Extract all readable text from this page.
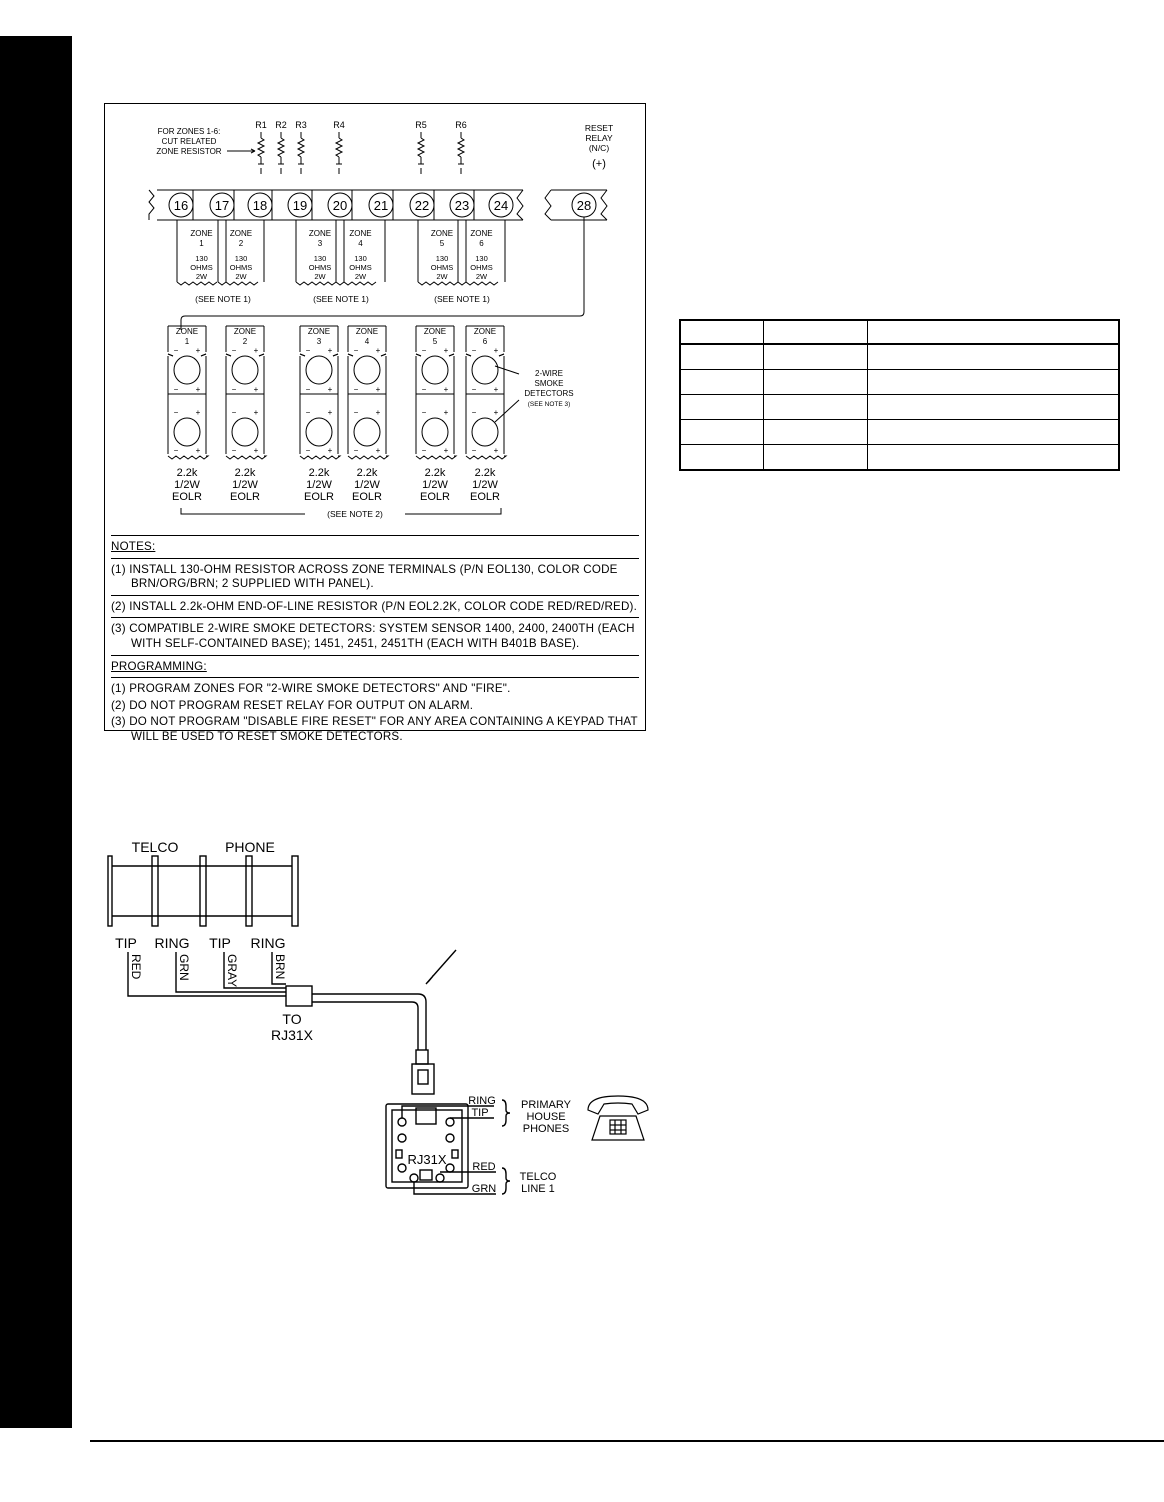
R1 R2 R3	R4	R5	R6
FOR ZONES 1-6:
CUT RELATED
ZONE RESISTOR
RESET
RELAY
(N/C)
(+)
16 17 18 19 20 21 22 23 24	28
ZONE
1
130
OHMS
2W
ZONE
2
130
OHMS
2W
ZONE
3
130
OHMS
2W
ZONE
4
130
OHMS
2W
ZONE
5
130
OHMS
2W
ZONE
6
130
OHMS
2W
(SEE NOTE 1)	(SEE NOTE 1)	(SEE NOTE 1)
ZONE
1
− +
− +
− +
− +
2.2k
1/2W
EOLR
ZONE
2
− +
− +
− +
− +
2.2k
1/2W
EOLR
ZONE
3
− +
− +
− +
− +
2.2k
1/2W
EOLR
ZONE
4
− +
− +
− +
− +
2.2k
1/2W
EOLR
ZONE
5
− +
− +
− +
− +
2.2k
1/2W
EOLR
ZONE
6
− +
− +
− +
− +
2.2k
1/2W
EOLR
2-WIRE
SMOKE
DETECTORS
(SEE NOTE 3)
(SEE NOTE 2)
NOTES:
(1) INSTALL 130-OHM RESISTOR ACROSS ZONE TERMINALS (P/N EOL130, COLOR CODE BRN/ORG/BRN; 2 SUPPLIED WITH PANEL).
(2) INSTALL 2.2k-OHM END-OF-LINE RESISTOR (P/N EOL2.2K, COLOR CODE RED/RED/RED).
(3) COMPATIBLE 2-WIRE SMOKE DETECTORS: SYSTEM SENSOR 1400, 2400, 2400TH (EACH WITH SELF-CONTAINED BASE); 1451, 2451, 2451TH (EACH WITH B401B BASE).
PROGRAMMING:
(1) PROGRAM ZONES FOR "2-WIRE SMOKE DETECTORS" AND "FIRE".
(2) DO NOT PROGRAM RESET RELAY FOR OUTPUT ON ALARM.
(3) DO NOT PROGRAM "DISABLE FIRE RESET" FOR ANY AREA CONTAINING A KEYPAD THAT WILL BE USED TO RESET SMOKE DETECTORS.

TELCO	PHONE
TIP RING TIP RING
RED	GRN	GRAY	BRN
TO
RJ31X
RJ31X
RING
TIP
RED
GRN
PRIMARY
HOUSE
PHONES
TELCO
LINE 1
